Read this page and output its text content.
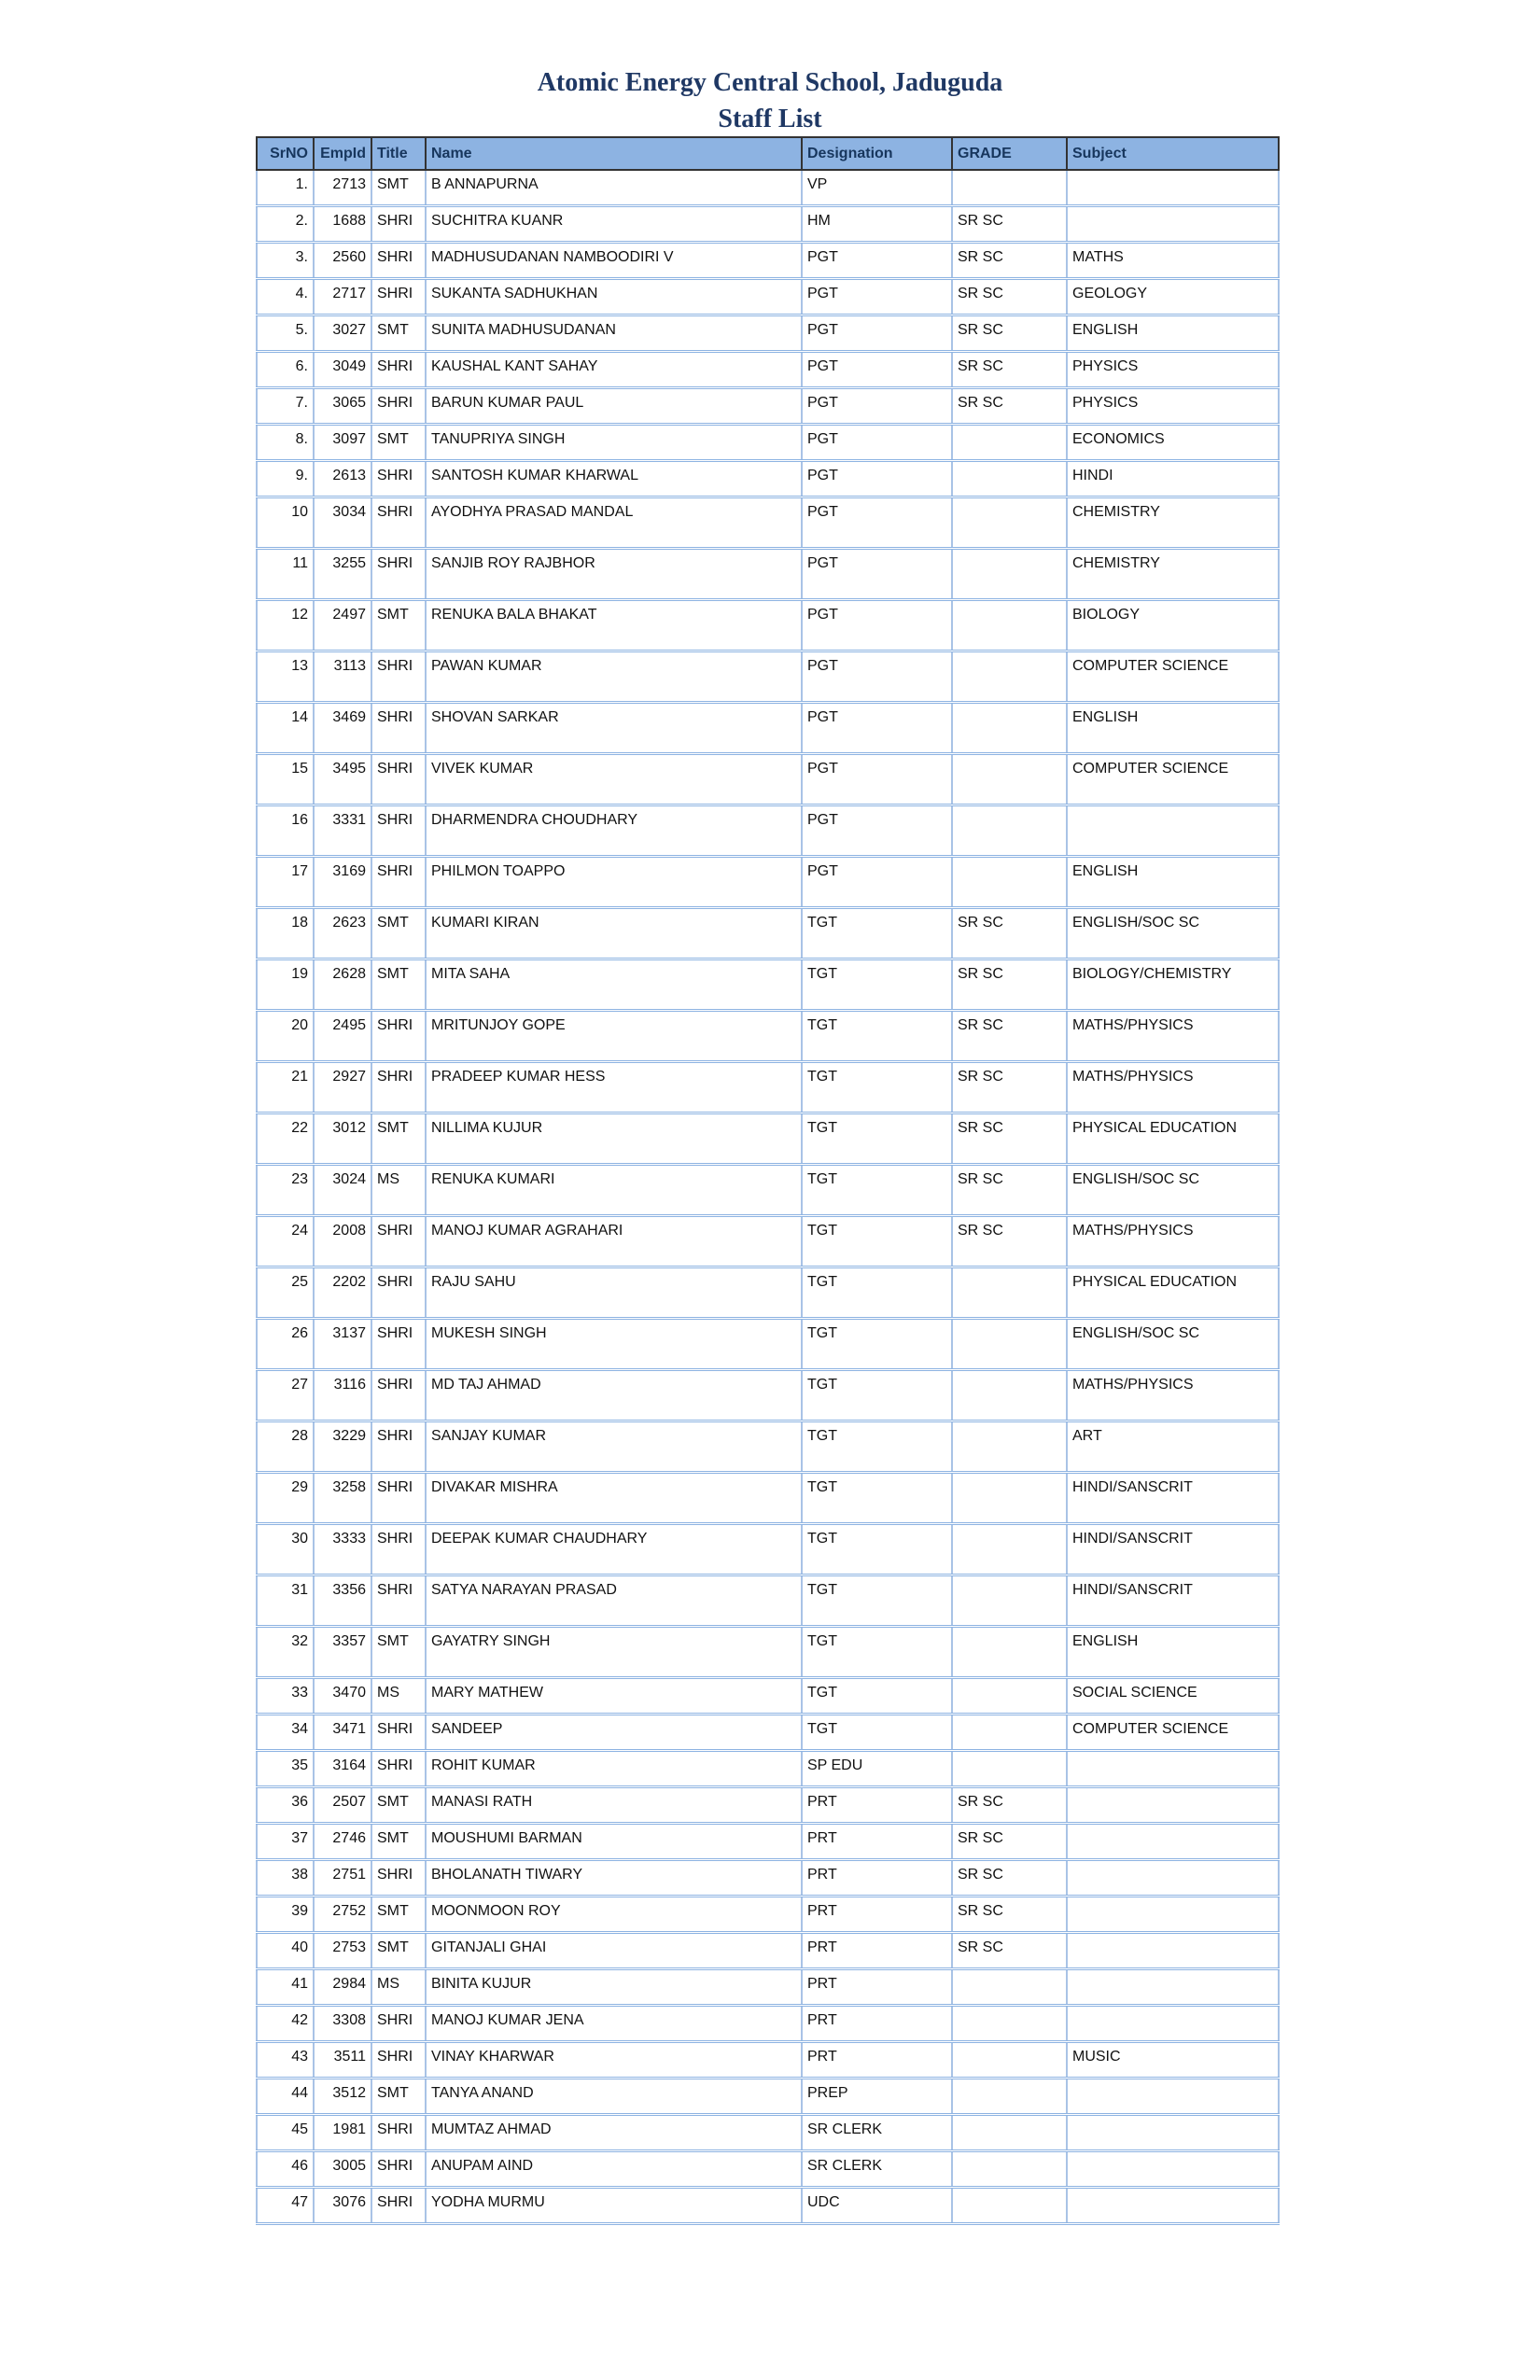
Atomic Energy Central School, Jaduguda
Staff List
SrNO	EmpId	Title	Name	Designation	GRADE	Subject
1.	2713	SMT	B ANNAPURNA	VP		
2.	1688	SHRI	SUCHITRA KUANR	HM	SR SC	
3.	2560	SHRI	MADHUSUDANAN NAMBOODIRI V	PGT	SR SC	MATHS
4.	2717	SHRI	SUKANTA SADHUKHAN	PGT	SR SC	GEOLOGY
5.	3027	SMT	SUNITA MADHUSUDANAN	PGT	SR SC	ENGLISH
6.	3049	SHRI	KAUSHAL KANT SAHAY	PGT	SR SC	PHYSICS
7.	3065	SHRI	BARUN KUMAR PAUL	PGT	SR SC	PHYSICS
8.	3097	SMT	TANUPRIYA SINGH	PGT		ECONOMICS
9.	2613	SHRI	SANTOSH KUMAR KHARWAL	PGT		HINDI
10	3034	SHRI	AYODHYA PRASAD MANDAL	PGT		CHEMISTRY
11	3255	SHRI	SANJIB ROY RAJBHOR	PGT		CHEMISTRY
12	2497	SMT	RENUKA BALA BHAKAT	PGT		BIOLOGY
13	3113	SHRI	PAWAN KUMAR	PGT		COMPUTER SCIENCE
14	3469	SHRI	SHOVAN SARKAR	PGT		ENGLISH
15	3495	SHRI	VIVEK KUMAR	PGT		COMPUTER SCIENCE
16	3331	SHRI	DHARMENDRA CHOUDHARY	PGT		
17	3169	SHRI	PHILMON TOAPPO	PGT		ENGLISH
18	2623	SMT	KUMARI KIRAN	TGT	SR SC	ENGLISH/SOC SC
19	2628	SMT	MITA SAHA	TGT	SR SC	BIOLOGY/CHEMISTRY
20	2495	SHRI	MRITUNJOY GOPE	TGT	SR SC	MATHS/PHYSICS
21	2927	SHRI	PRADEEP KUMAR HESS	TGT	SR SC	MATHS/PHYSICS
22	3012	SMT	NILLIMA KUJUR	TGT	SR SC	PHYSICAL EDUCATION
23	3024	MS	RENUKA KUMARI	TGT	SR SC	ENGLISH/SOC SC
24	2008	SHRI	MANOJ KUMAR AGRAHARI	TGT	SR SC	MATHS/PHYSICS
25	2202	SHRI	RAJU SAHU	TGT		PHYSICAL EDUCATION
26	3137	SHRI	MUKESH SINGH	TGT		ENGLISH/SOC SC
27	3116	SHRI	MD TAJ AHMAD	TGT		MATHS/PHYSICS
28	3229	SHRI	SANJAY KUMAR	TGT		ART
29	3258	SHRI	DIVAKAR MISHRA	TGT		HINDI/SANSCRIT
30	3333	SHRI	DEEPAK KUMAR CHAUDHARY	TGT		HINDI/SANSCRIT
31	3356	SHRI	SATYA NARAYAN PRASAD	TGT		HINDI/SANSCRIT
32	3357	SMT	GAYATRY SINGH	TGT		ENGLISH
33	3470	MS	MARY MATHEW	TGT		SOCIAL SCIENCE
34	3471	SHRI	SANDEEP	TGT		COMPUTER SCIENCE
35	3164	SHRI	ROHIT KUMAR	SP EDU		
36	2507	SMT	MANASI RATH	PRT	SR SC	
37	2746	SMT	MOUSHUMI BARMAN	PRT	SR SC	
38	2751	SHRI	BHOLANATH TIWARY	PRT	SR SC	
39	2752	SMT	MOONMOON ROY	PRT	SR SC	
40	2753	SMT	GITANJALI GHAI	PRT	SR SC	
41	2984	MS	BINITA KUJUR	PRT		
42	3308	SHRI	MANOJ KUMAR JENA	PRT		
43	3511	SHRI	VINAY KHARWAR	PRT		MUSIC
44	3512	SMT	TANYA ANAND	PREP		
45	1981	SHRI	MUMTAZ AHMAD	SR CLERK		
46	3005	SHRI	ANUPAM AIND	SR CLERK		
47	3076	SHRI	YODHA MURMU	UDC		
